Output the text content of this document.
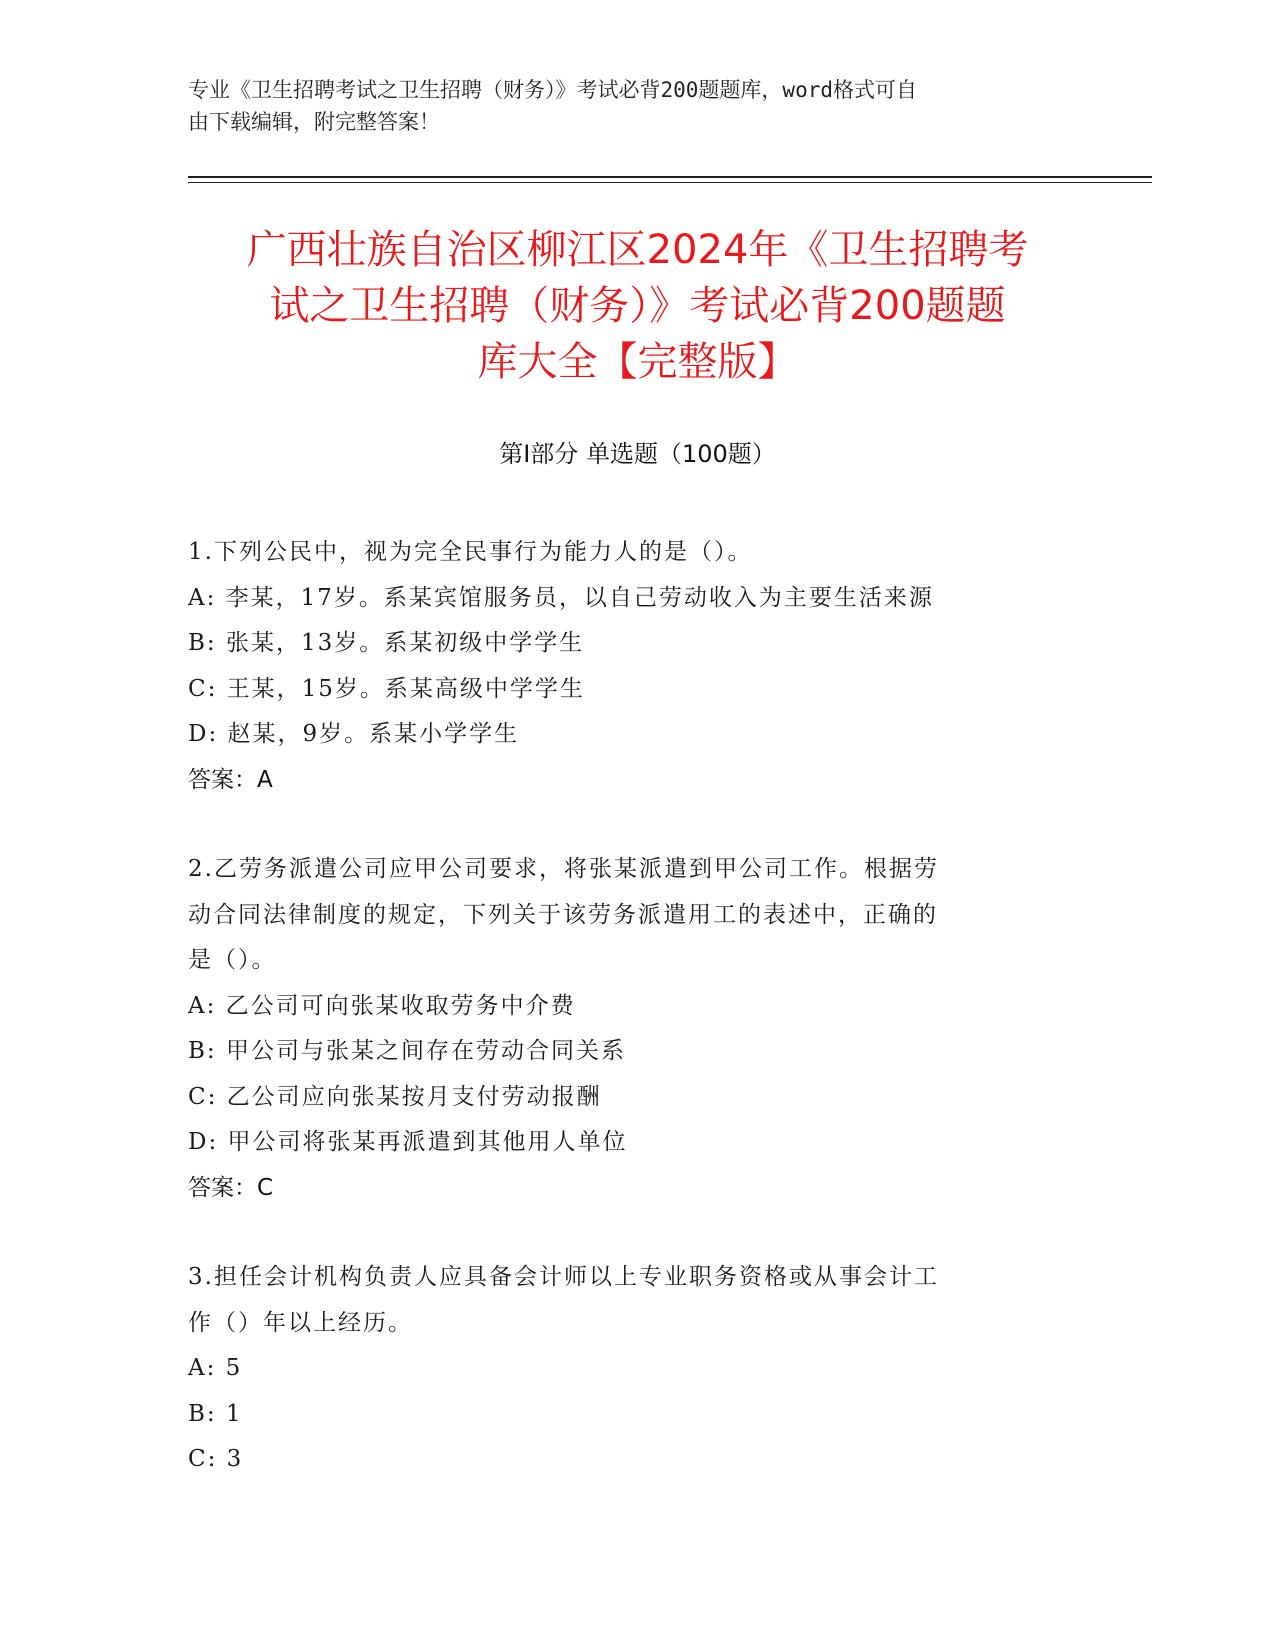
专业《卫生招聘考试之卫生招聘（财务）》考试必背200题题库，word格式可自
由下载编辑，附完整答案！
广西壮族自治区柳江区2024年《卫生招聘考
试之卫生招聘（财务）》考试必背200题题
库大全【完整版】
第Ⅰ部分 单选题（100题）
1.下列公民中，视为完全民事行为能力人的是（）。
A: 李某，17岁。系某宾馆服务员，以自己劳动收入为主要生活来源
B: 张某，13岁。系某初级中学学生
C: 王某，15岁。系某高级中学学生
D: 赵某，9岁。系某小学学生
答案：A
2.乙劳务派遣公司应甲公司要求，将张某派遣到甲公司工作。根据劳
动合同法律制度的规定，下列关于该劳务派遣用工的表述中，正确的
是（）。
A: 乙公司可向张某收取劳务中介费
B: 甲公司与张某之间存在劳动合同关系
C: 乙公司应向张某按月支付劳动报酬
D: 甲公司将张某再派遣到其他用人单位
答案：C
3.担任会计机构负责人应具备会计师以上专业职务资格或从事会计工
作（）年以上经历。
A: 5
B: 1
C: 3
